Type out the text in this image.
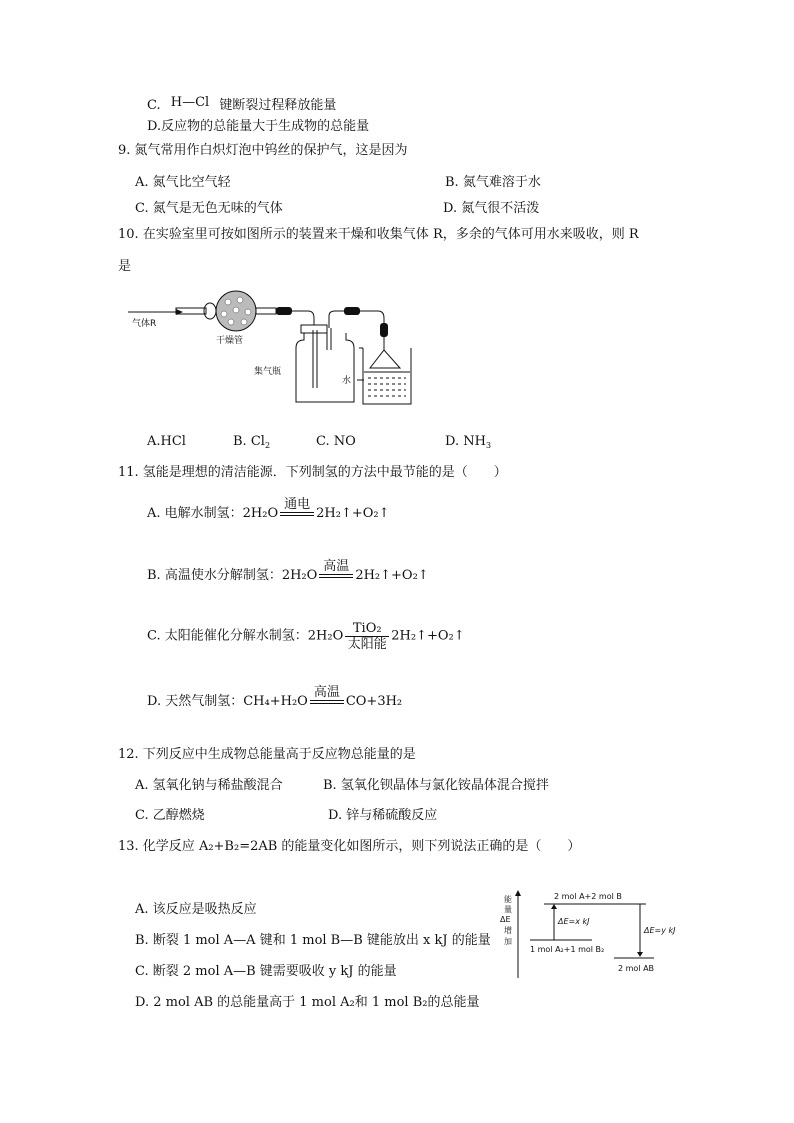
C. H—Cl 键断裂过程释放能量
D.反应物的总能量大于生成物的总能量
9. 氮气常用作白炽灯泡中钨丝的保护气，这是因为
A. 氮气比空气轻	B. 氮气难溶于水
C. 氮气是无色无味的气体	D. 氮气很不活泼
10. 在实验室里可按如图所示的装置来干燥和收集气体 R，多余的气体可用水来吸收，则 R
是
气体R
干燥管
集气瓶
水
A.HCl	B. $Cl_2$	C. NO	D. $NH_3$
11. 氢能是理想的清洁能源．下列制氢的方法中最节能的是（　　）
A. 电解水制氢：2H₂O
通电

2H₂↑+O₂↑
B. 高温使水分解制氢：2H₂O
高温

2H₂↑+O₂↑
C. 太阳能催化分解水制氢：2H₂O TiO₂
太阳能
2H₂↑+O₂↑
D. 天然气制氢：CH₄+H₂O
高温

CO+3H₂
12. 下列反应中生成物总能量高于反应物总能量的是
A. 氢氧化钠与稀盐酸混合	B. 氢氧化钡晶体与氯化铵晶体混合搅拌
C. 乙醇燃烧	D. 锌与稀硫酸反应
13. 化学反应 A₂+B₂=2AB 的能量变化如图所示，则下列说法正确的是（　　）
A. 该反应是吸热反应
B. 断裂 1 mol A—A 键和 1 mol B—B 键能放出 x kJ 的能量
C. 断裂 2 mol A—B 键需要吸收 y kJ 的能量
D. 2 mol AB 的总能量高于 1 mol A₂和 1 mol B₂的总能量
能
量
ΔE
增
加
2 mol A+2 mol B
1 mol A₂+1 mol B₂
2 mol AB
ΔE=x kJ
ΔE=y kJ
